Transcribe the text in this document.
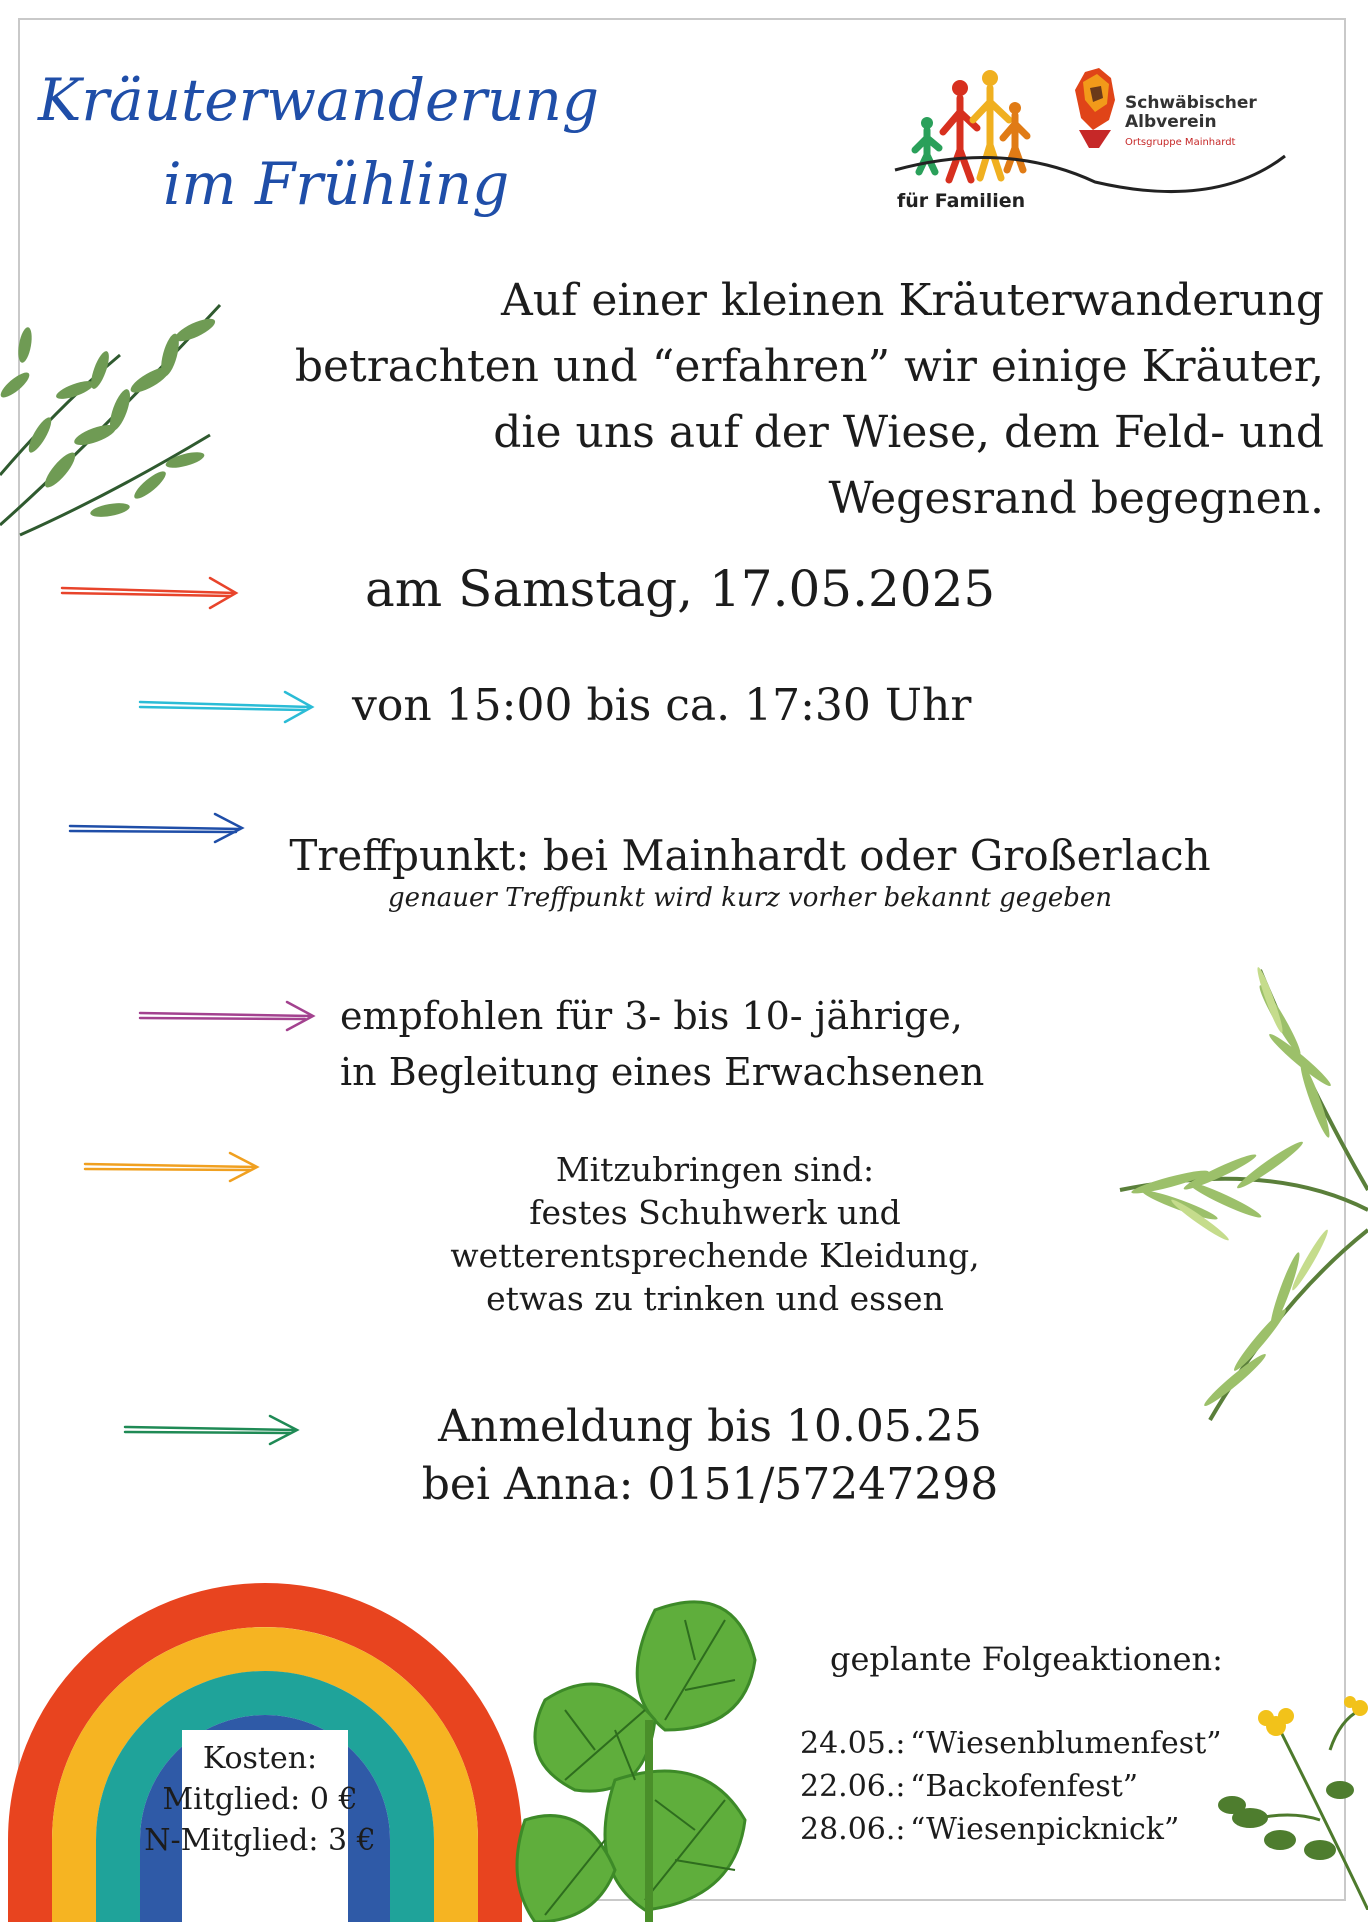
Kräuterwanderung
im Frühling	für Familien
Schwäbischer
Albverein
Ortsgruppe Mainhardt
Auf einer kleinen Kräuterwanderung
betrachten und “erfahren” wir einige Kräuter,
die uns auf der Wiese, dem Feld- und
Wegesrand begegnen.
am Samstag, 17.05.2025
von 15:00 bis ca. 17:30 Uhr
Treffpunkt: bei Mainhardt oder Großerlach
genauer Treffpunkt wird kurz vorher bekannt gegeben
empfohlen für 3- bis 10- jährige,
in Begleitung eines Erwachsenen
Mitzubringen sind:
festes Schuhwerk und
wetterentsprechende Kleidung,
etwas zu trinken und essen
Anmeldung bis 10.05.25
bei Anna: 0151/57247298
Kosten:
Mitglied: 0 €
N-Mitglied: 3 €
geplante Folgeaktionen:
24.05.: “Wiesenblumenfest”
22.06.: “Backofenfest”
28.06.: “Wiesenpicknick”
